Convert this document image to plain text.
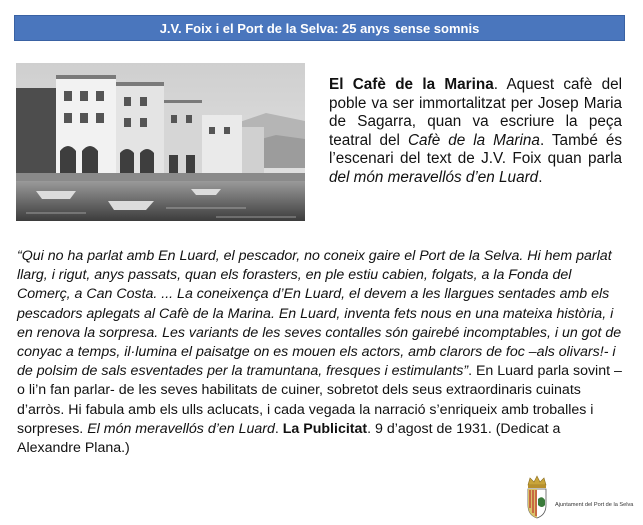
J.V. Foix i el Port de la Selva: 25 anys sense somnis
El Cafè de la Marina. Aquest cafè del poble va ser immortalitzat per Josep Maria de Sagarra, quan va escriure la peça teatral del Cafè de la Marina. També és l’escenari del text de J.V. Foix quan parla del món meravellós d’en Luard.
“Qui no ha parlat amb En Luard, el pescador, no coneix gaire el Port de la Selva. Hi hem parlat llarg, i rigut, anys passats, quan els forasters, en ple estiu cabien, folgats, a la Fonda del Comerç, a Can Costa. ... La coneixença d’En Luard, el devem a les llargues sentades amb els pescadors aplegats al Cafè de la Marina. En Luard, inventa fets nous en una mateixa història, i en renova la sorpresa. Les variants de les seves contalles són gairebé incomptables, i un got de conyac a temps, il·lumina el paisatge on es mouen els actors, amb clarors de foc –als olivars!- i de polsim de sals esventades per la tramuntana, fresques i estimulants”. En Luard parla sovint – o li’n fan parlar- de les seves habilitats de cuiner, sobretot dels seus extraordinaris cuinats d’arròs. Hi fabula amb els ulls aclucats, i cada vegada la narració s’enriqueix amb troballes i sorpreses. El món meravellós d’en Luard. La Publicitat. 9 d’agost de 1931. (Dedicat a Alexandre Plana.)
Ajuntament del Port de la Selva
